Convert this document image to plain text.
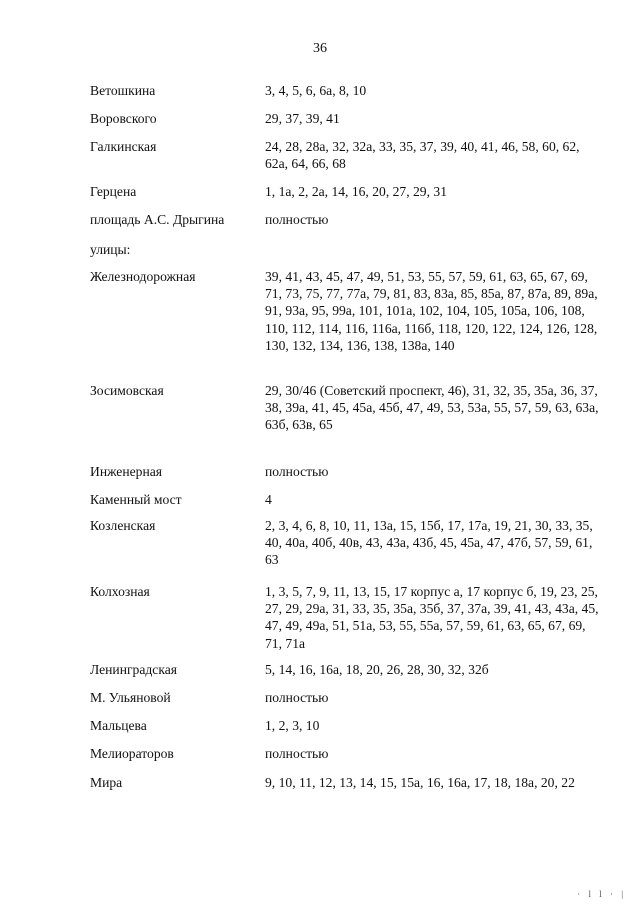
36
Ветошкина	3, 4, 5, 6, 6а, 8, 10
Воровского	29, 37, 39, 41
Галкинская	24, 28, 28а, 32, 32а, 33, 35, 37, 39, 40, 41, 46, 58, 60, 62, 62а, 64, 66, 68
Герцена	1, 1а, 2, 2а, 14, 16, 20, 27, 29, 31
площадь А.С. Дрыгина	полностью
улицы:
Железнодорожная	39, 41, 43, 45, 47, 49, 51, 53, 55, 57, 59, 61, 63, 65, 67, 69, 71, 73, 75, 77, 77а, 79, 81, 83, 83а, 85, 85а, 87, 87а, 89, 89а, 91, 93а, 95, 99а, 101, 101а, 102, 104, 105, 105а, 106, 108, 110, 112, 114, 116, 116а, 116б, 118, 120, 122, 124, 126, 128, 130, 132, 134, 136, 138, 138а, 140
Зосимовская	29, 30/46 (Советский проспект, 46), 31, 32, 35, 35а, 36, 37, 38, 39а, 41, 45, 45а, 45б, 47, 49, 53, 53а, 55, 57, 59, 63, 63а, 63б, 63в, 65
Инженерная	полностью
Каменный мост	4
Козленская	2, 3, 4, 6, 8, 10, 11, 13а, 15, 15б, 17, 17а, 19, 21, 30, 33, 35, 40, 40а, 40б, 40в, 43, 43а, 43б, 45, 45а, 47, 47б, 57, 59, 61, 63
Колхозная	1, 3, 5, 7, 9, 11, 13, 15, 17 корпус а, 17 корпус б, 19, 23, 25, 27, 29, 29а, 31, 33, 35, 35а, 35б, 37, 37а, 39, 41, 43, 43а, 45, 47, 49, 49а, 51, 51а, 53, 55, 55а, 57, 59, 61, 63, 65, 67, 69, 71, 71а
Ленинградская	5, 14, 16, 16а, 18, 20, 26, 28, 30, 32, 32б
М. Ульяновой	полностью
Мальцева	1, 2, 3, 10
Мелиораторов	полностью
Мира	9, 10, 11, 12, 13, 14, 15, 15а, 16, 16а, 17, 18, 18а, 20, 22
· l l · |
